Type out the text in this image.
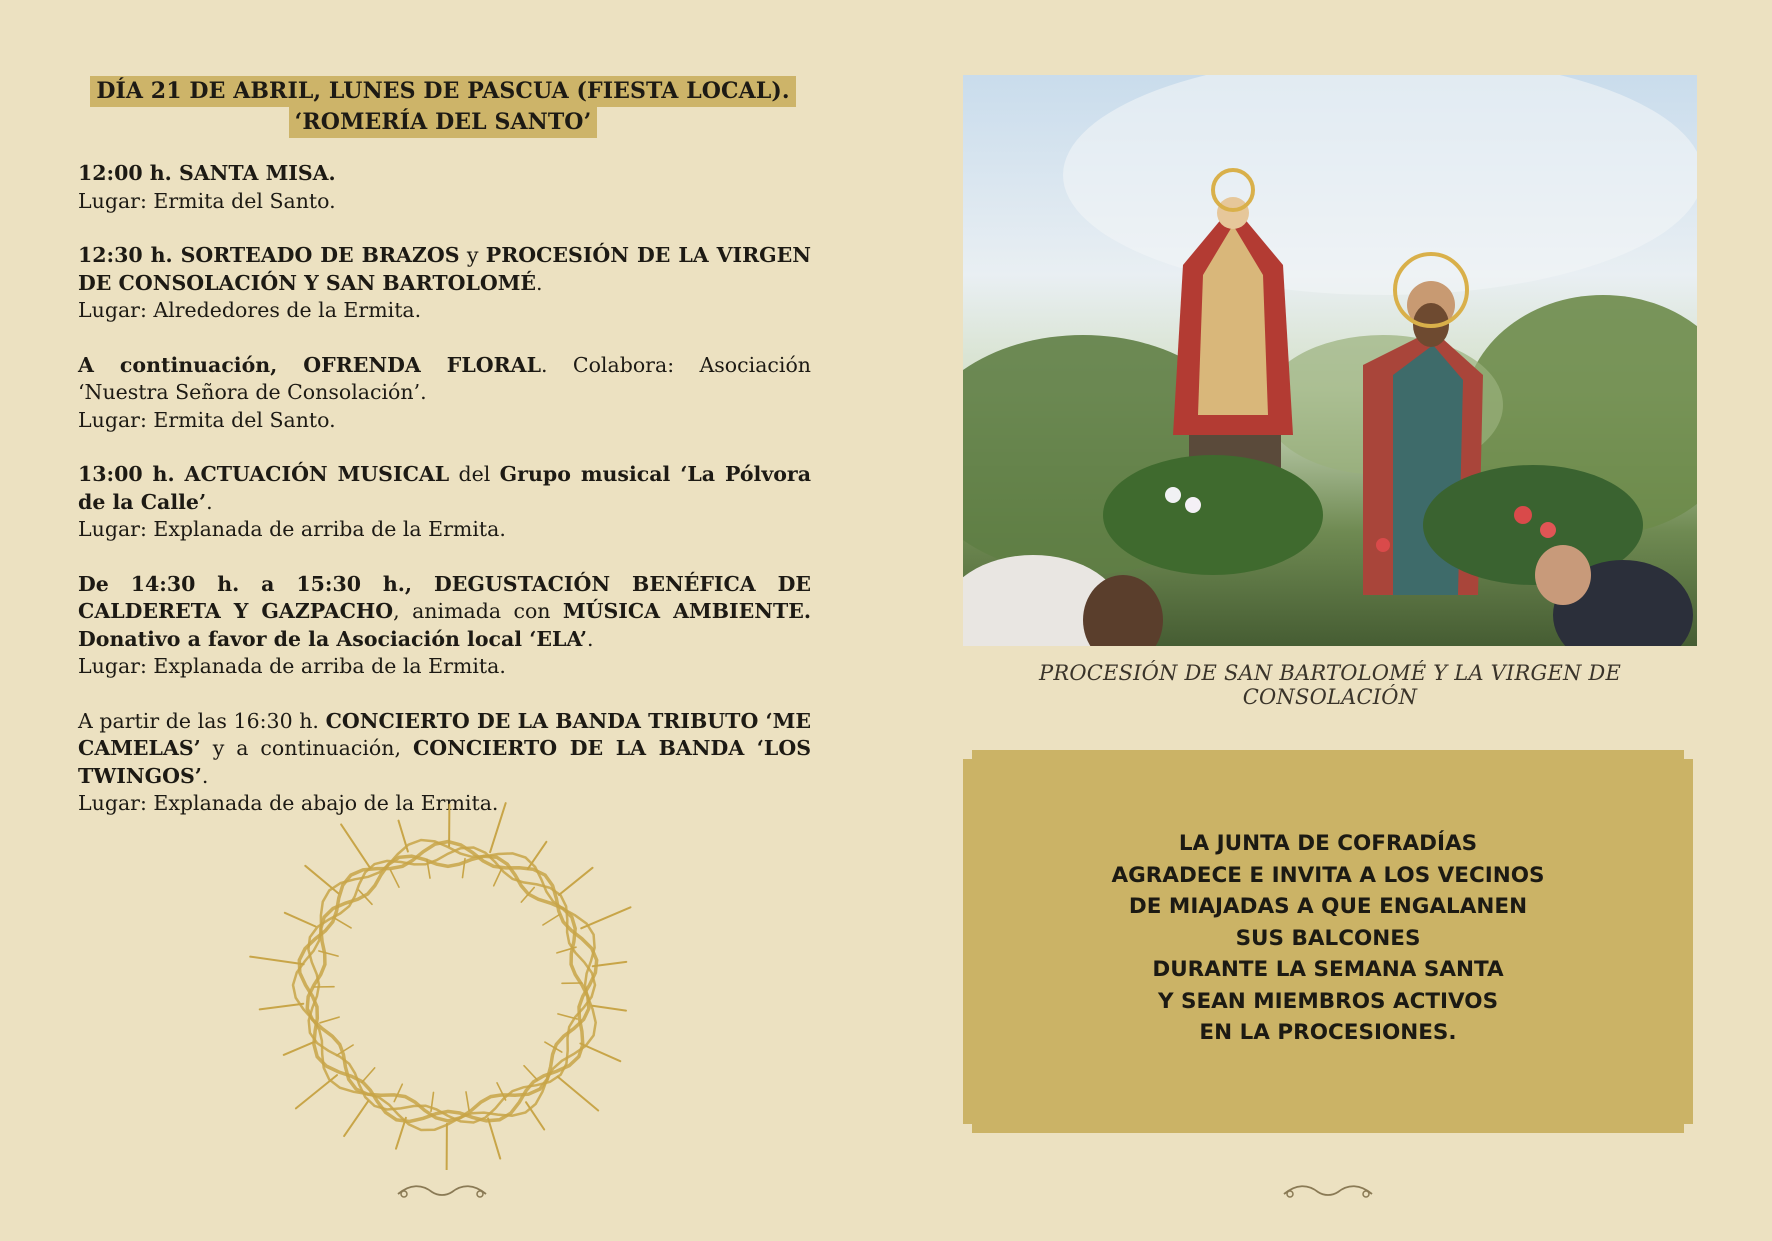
DÍA 21 DE ABRIL, LUNES DE PASCUA (FIESTA LOCAL).
‘ROMERÍA DEL SANTO’

12:00 h. SANTA MISA.

Lugar: Ermita del Santo.

12:30 h. SORTEADO DE BRAZOS y PROCESIÓN DE LA VIRGEN DE CONSOLACIÓN Y SAN BARTOLOMÉ.

Lugar: Alrededores de la Ermita.

A continuación, OFRENDA FLORAL. Colabora: Asociación ‘Nuestra Señora de Consolación’.

Lugar: Ermita del Santo.

13:00 h. ACTUACIÓN MUSICAL del Grupo musical ‘La Pólvora de la Calle’.

Lugar: Explanada de arriba de la Ermita.

De 14:30 h. a 15:30 h., DEGUSTACIÓN BENÉFICA DE CALDERETA Y GAZPACHO, animada con MÚSICA AMBIENTE. Donativo a favor de la Asociación local ‘ELA’.

Lugar: Explanada de arriba de la Ermita.

A partir de las 16:30 h. CONCIERTO DE LA BANDA TRIBUTO ‘ME CAMELAS’ y a continuación, CONCIERTO DE LA BANDA ‘LOS TWINGOS’.

Lugar: Explanada de abajo de la Ermita.

PROCESIÓN DE SAN BARTOLOMÉ Y LA VIRGEN DE CONSOLACIÓN
LA JUNTA DE COFRADÍAS
AGRADECE E INVITA A LOS VECINOS
DE MIAJADAS A QUE ENGALANEN
SUS BALCONES
DURANTE LA SEMANA SANTA
Y SEAN MIEMBROS ACTIVOS
EN LA PROCESIONES.
